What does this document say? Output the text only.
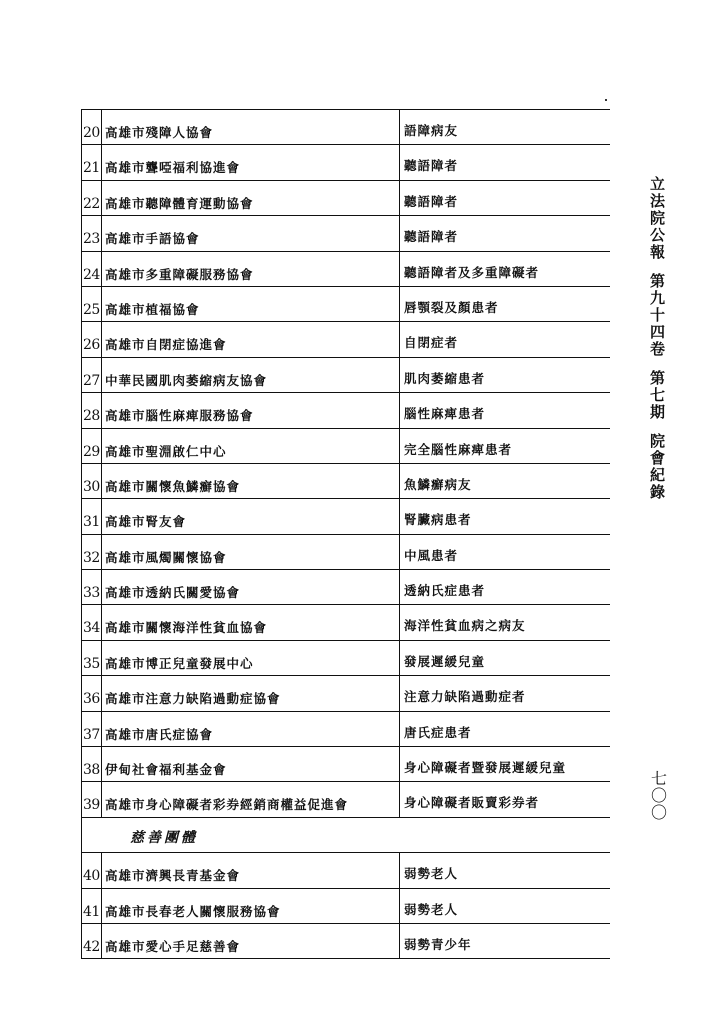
20 高雄市殘障人協會	語障病友
21 高雄市聾啞福利協進會	聽語障者
22 高雄市聽障體育運動協會	聽語障者
23 高雄市手語協會	聽語障者
24 高雄市多重障礙服務協會	聽語障者及多重障礙者
25 高雄市植福協會	唇顎裂及顏患者
26 高雄市自閉症協進會	自閉症者
27 中華民國肌肉萎縮病友協會	肌肉萎縮患者
28 高雄市腦性麻痺服務協會	腦性麻痺患者
29 高雄市聖淵啟仁中心	完全腦性麻痺患者
30 高雄市關懷魚鱗癬協會	魚鱗癬病友
31 高雄市腎友會	腎臟病患者
32 高雄市風燭關懷協會	中風患者
33 高雄市透納氏關愛協會	透納氏症患者
34 高雄市關懷海洋性貧血協會	海洋性貧血病之病友
35 高雄市博正兒童發展中心	發展遲緩兒童
36 高雄市注意力缺陷過動症協會	注意力缺陷過動症者
37 高雄市唐氏症協會	唐氏症患者
38 伊甸社會福利基金會	身心障礙者暨發展遲緩兒童
39 高雄市身心障礙者彩券經銷商權益促進會	身心障礙者販賣彩券者
慈善團體
40 高雄市濟興長青基金會	弱勢老人
41 高雄市長春老人關懷服務協會	弱勢老人
42 高雄市愛心手足慈善會	弱勢青少年
立法院公報
第九十四卷
第七期
院會紀錄
七〇〇
